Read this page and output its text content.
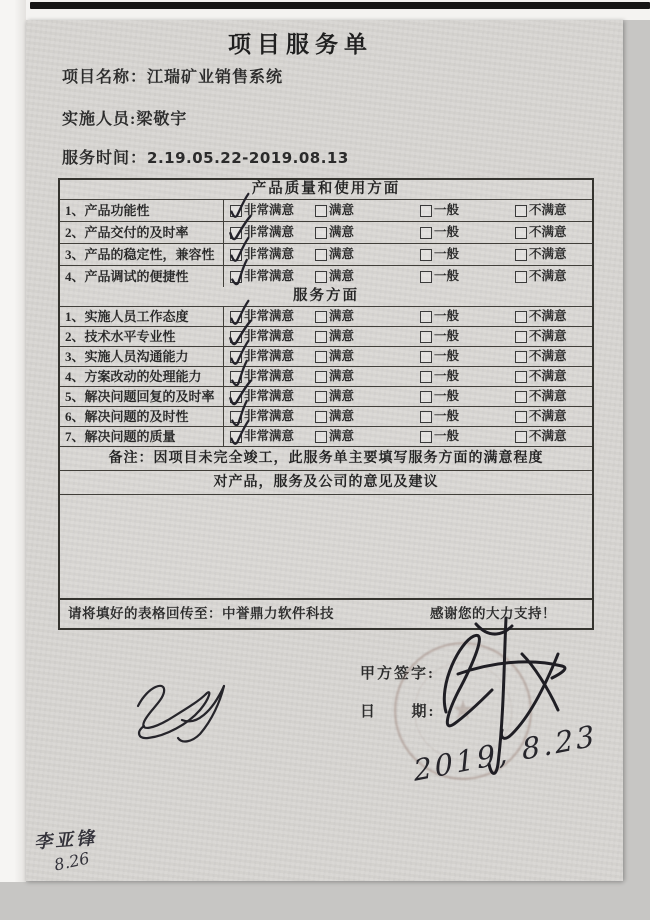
项目服务单
项目名称：江瑞矿业销售系统
实施人员:梁敬宇
服务时间：2.19.05.22-2019.08.13
产品质量和使用方面
1、产品功能性	非常满意	满意	一般	不满意
2、产品交付的及时率	非常满意	满意	一般	不满意
3、产品的稳定性，兼容性	非常满意	满意	一般	不满意
4、产品调试的便捷性	非常满意	满意	一般	不满意
服务方面
1、实施人员工作态度	非常满意	满意	一般	不满意
2、技术水平专业性	非常满意	满意	一般	不满意
3、实施人员沟通能力	非常满意	满意	一般	不满意
4、方案改动的处理能力	非常满意	满意	一般	不满意
5、解决问题回复的及时率	非常满意	满意	一般	不满意
6、解决问题的及时性	非常满意	满意	一般	不满意
7、解决问题的质量	非常满意	满意	一般	不满意
备注：因项目未完全竣工，此服务单主要填写服务方面的满意程度
对产品，服务及公司的意见及建议
请将填好的表格回传至：中誉鼎力软件科技	感谢您的大力支持！
甲方签字:
日      期:
★
2019, 8.23
李亚锋
8.26
